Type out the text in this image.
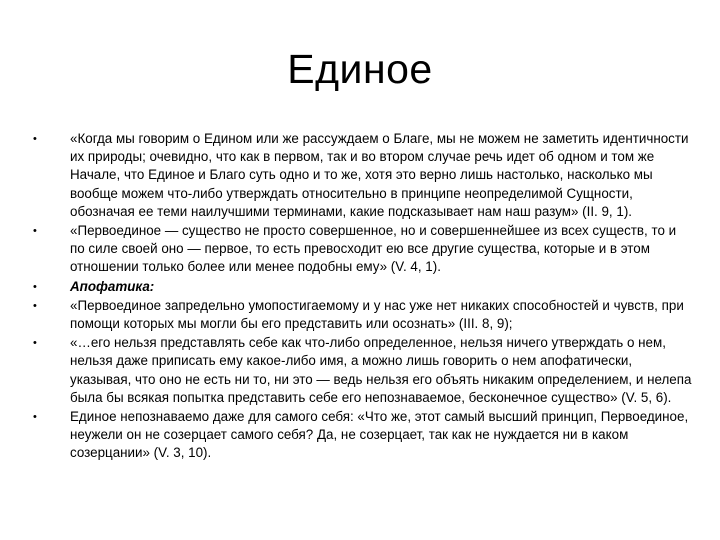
Единое
•	«Когда мы говорим о Едином или же рассуждаем о Благе, мы не можем не заметить идентичности их природы; очевидно, что как в первом, так и во втором случае речь идет об одном и том же Начале, что Единое и Благо суть одно и то же, хотя это верно лишь настолько, насколько мы вообще можем что-либо утверждать относительно в принципе неопределимой Сущности, обозначая ее теми наилучшими терминами, какие подсказывает нам наш разум» (II. 9, 1).
•	«Первоединое — существо не просто совершенное, но и совершеннейшее из всех существ, то и по силе своей оно — первое, то есть превосходит ею все другие существа, которые и в этом отношении только более или менее подобны ему» (V. 4, 1).
•	Апофатика:
•	«Первоединое запредельно умопостигаемому и у нас уже нет никаких способностей и чувств, при помощи которых мы могли бы его представить или осознать» (III. 8, 9);
•	«…его нельзя представлять себе как что-либо определенное, нельзя ничего утверждать о нем, нельзя даже приписать ему какое-либо имя, а можно лишь говорить о нем апофатически, указывая, что оно не есть ни то, ни это — ведь нельзя его объять никаким определением, и нелепа была бы всякая попытка представить себе его непознаваемое, бесконечное существо» (V. 5, 6).
•	Единое непознаваемо даже для самого себя: «Что же, этот самый высший принцип, Первоединое, неужели он не созерцает самого себя? Да, не созерцает, так как не нуждается ни в каком созерцании» (V. 3, 10).
